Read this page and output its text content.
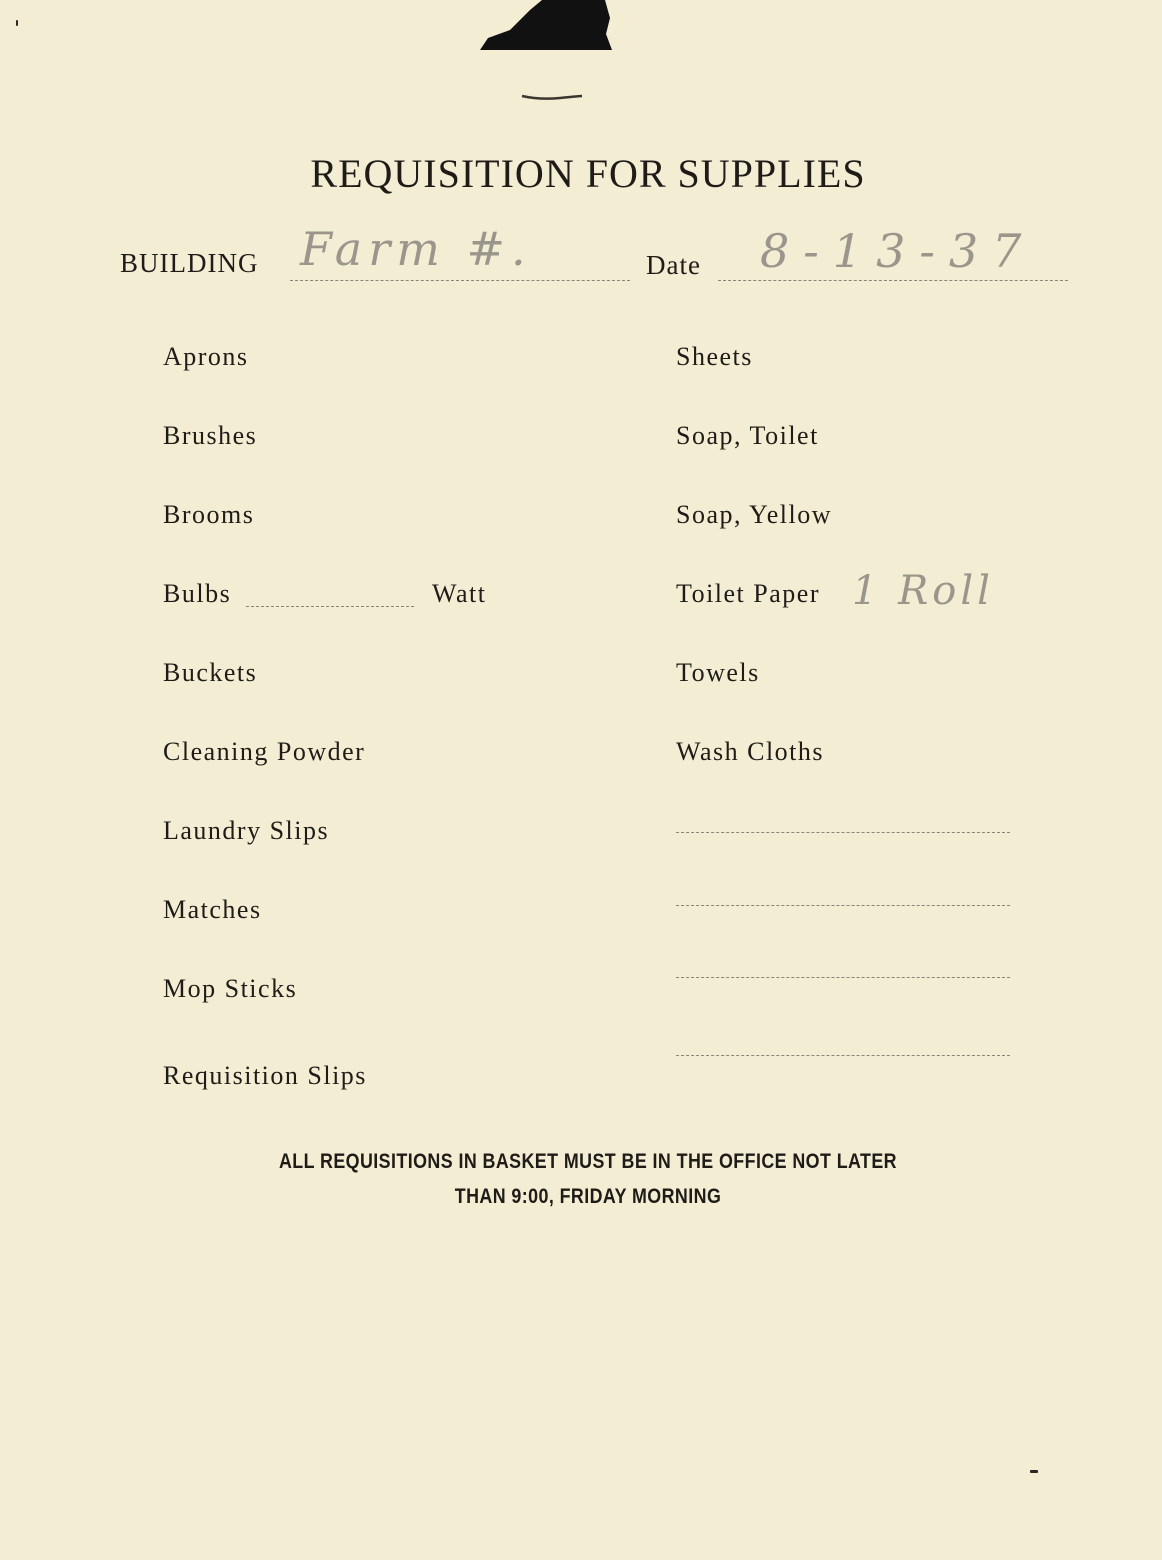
REQUISITION FOR SUPPLIES
BUILDING Farm #.	Date 8-13-37
Aprons
Brushes
Brooms
Bulbs	Watt
Buckets
Cleaning Powder
Laundry Slips
Matches
Mop Sticks
Requisition Slips
Sheets
Soap, Toilet
Soap, Yellow
Toilet Paper 1 Roll
Towels
Wash Cloths
ALL REQUISITIONS IN BASKET MUST BE IN THE OFFICE NOT LATER
THAN 9:00, FRIDAY MORNING
